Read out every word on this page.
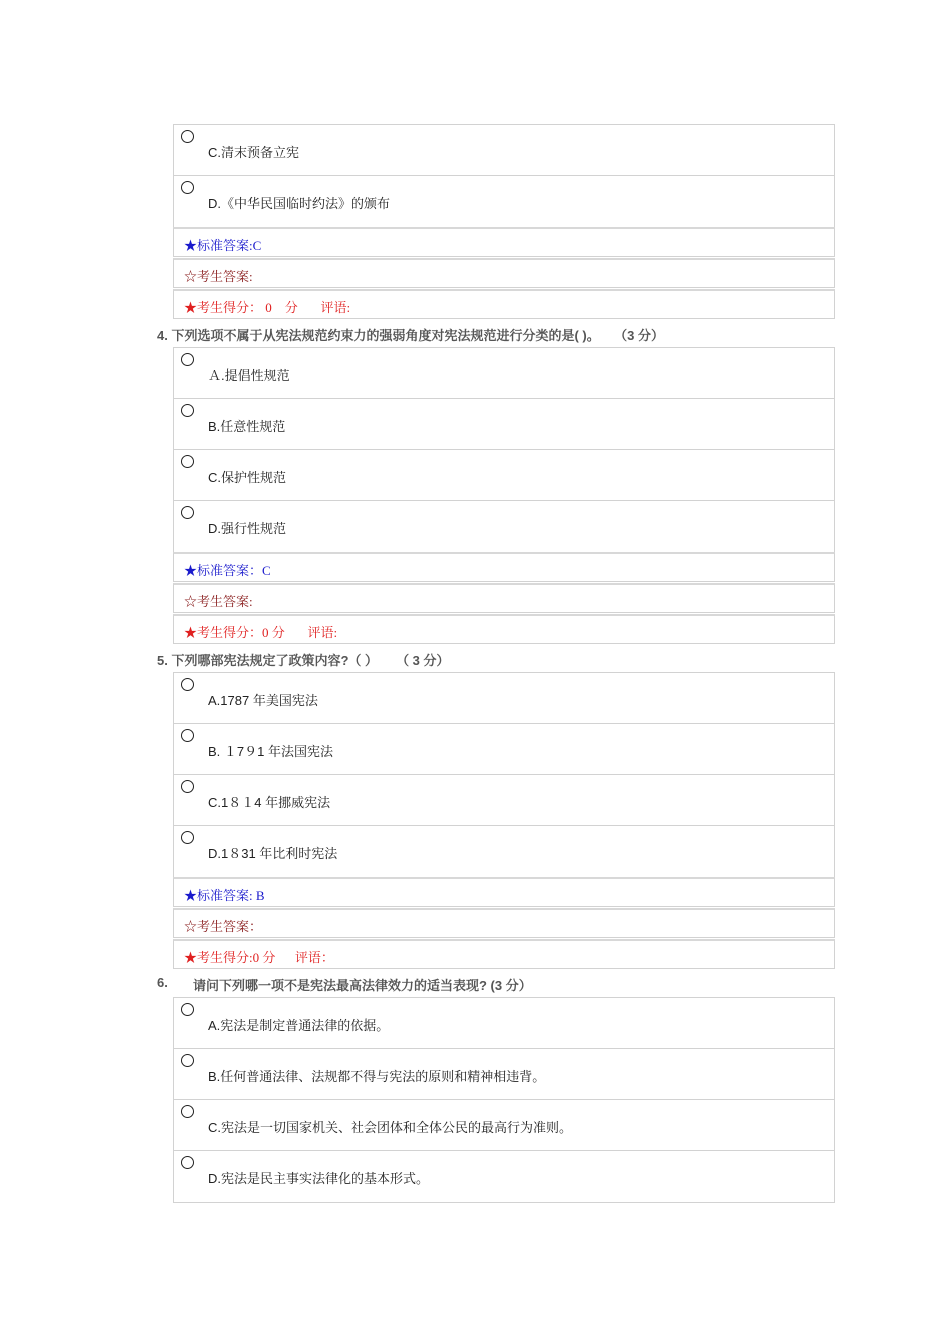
C.清末预备立宪
D.《中华民国临时约法》的颁布
★标准答案:C
☆考生答案:
★考生得分： 0    分       评语:
4. 下列选项不属于从宪法规范约束力的强弱角度对宪法规范进行分类的是( )。    （3 分）
Ａ.提倡性规范
B.任意性规范
C.保护性规范
D.强行性规范
★标准答案：C
☆考生答案:
★考生得分：0 分       评语:
5. 下列哪部宪法规定了政策内容?（ ）     （ 3 分）
A.1787 年美国宪法
B. １7９1 年法国宪法
C.1８１4 年挪威宪法
D.1８31 年比利时宪法
★标准答案: B
☆考生答案：
★考生得分:0 分      评语：
6. 请问下列哪一项不是宪法最高法律效力的适当表现? (3 分）
A.宪法是制定普通法律的依据。
B.任何普通法律、法规都不得与宪法的原则和精神相违背。
C.宪法是一切国家机关、社会团体和全体公民的最高行为准则。
D.宪法是民主事实法律化的基本形式。
